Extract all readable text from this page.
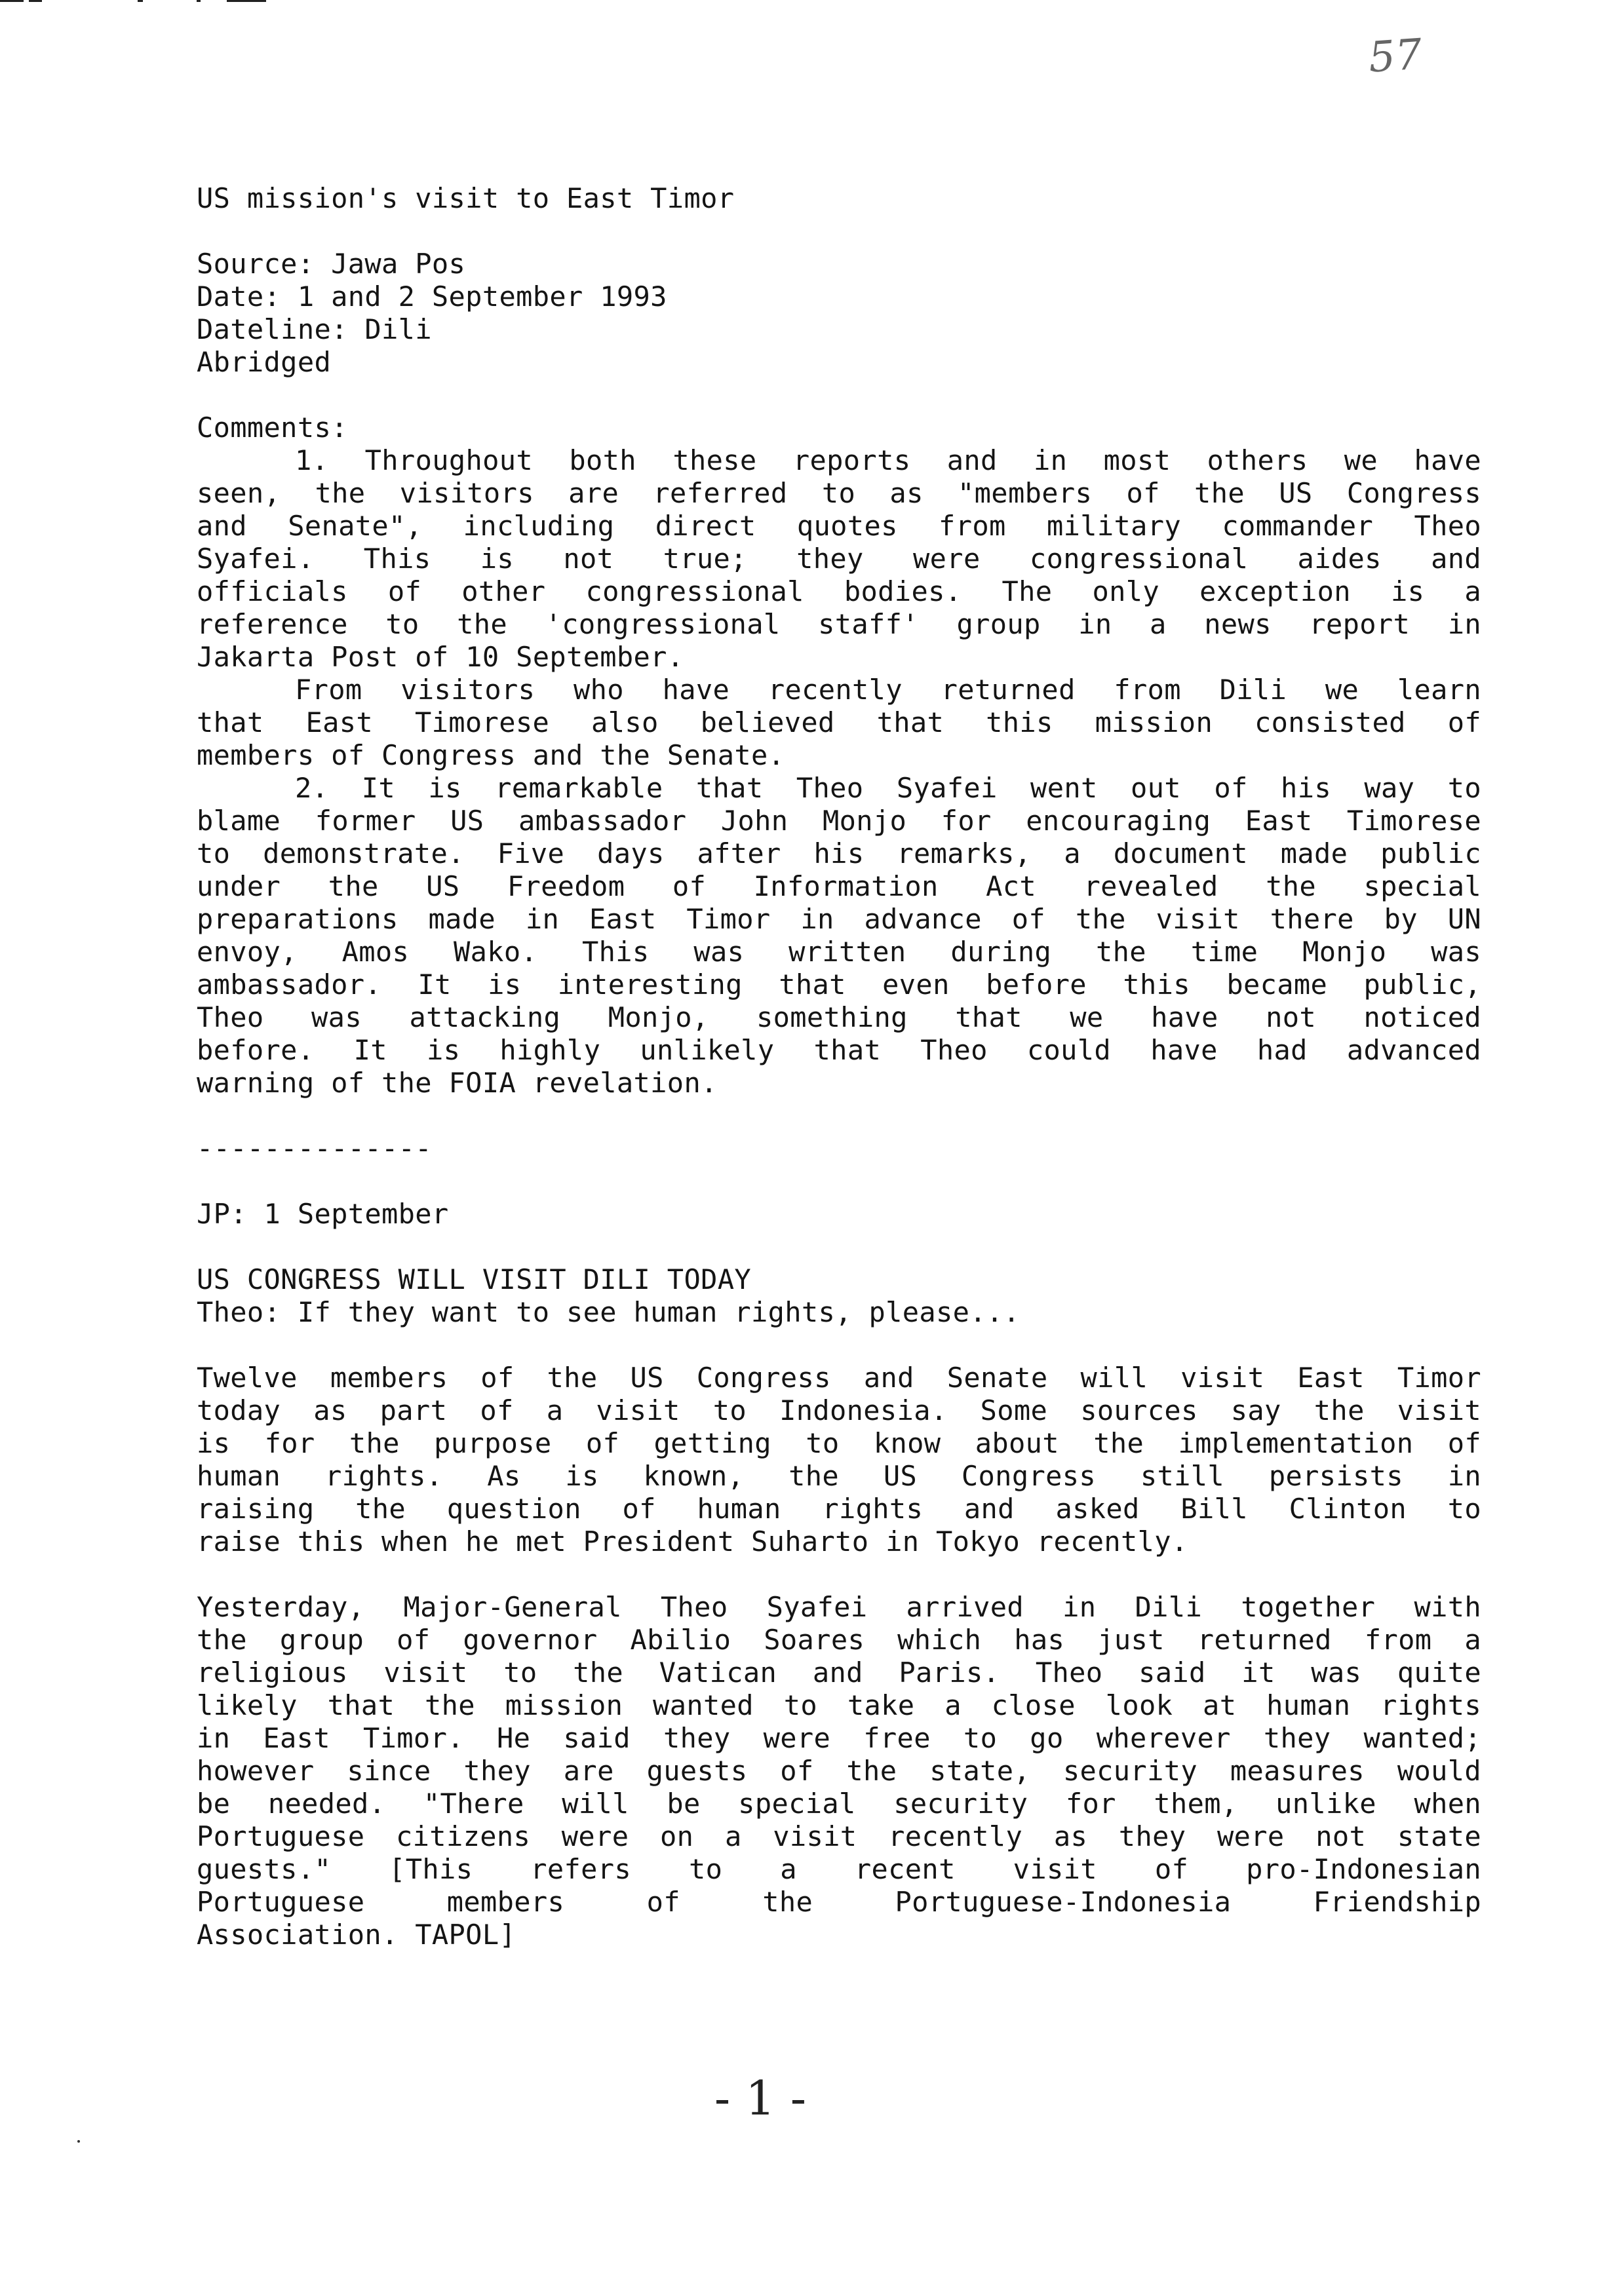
57

US mission's visit to East Timor

Source: Jawa Pos

Date: 1 and 2 September 1993

Dateline: Dili

Abridged

Comments:

1. Throughout both these reports and in most others we have

seen, the visitors are referred to as "members of the US Congress

and Senate", including direct quotes from military commander Theo

Syafei. This is not true; they were congressional aides and

officials of other congressional bodies. The only exception is a

reference to the 'congressional staff' group in a news report in

Jakarta Post of 10 September.

From visitors who have recently returned from Dili we learn

that East Timorese also believed that this mission consisted of

members of Congress and the Senate.

2. It is remarkable that Theo Syafei went out of his way to

blame former US ambassador John Monjo for encouraging East Timorese

to demonstrate. Five days after his remarks, a document made public

under the US Freedom of Information Act revealed the special

preparations made in East Timor in advance of the visit there by UN

envoy, Amos Wako. This was written during the time Monjo was

ambassador. It is interesting that even before this became public,

Theo was attacking Monjo, something that we have not noticed

before. It is highly unlikely that Theo could have had advanced

warning of the FOIA revelation.

--------------

JP: 1 September

US CONGRESS WILL VISIT DILI TODAY

Theo: If they want to see human rights, please...

Twelve members of the US Congress and Senate will visit East Timor

today as part of a visit to Indonesia. Some sources say the visit

is for the purpose of getting to know about the implementation of

human rights. As is known, the US Congress still persists in

raising the question of human rights and asked Bill Clinton to

raise this when he met President Suharto in Tokyo recently.

Yesterday, Major-General Theo Syafei arrived in Dili together with

the group of governor Abilio Soares which has just returned from a

religious visit to the Vatican and Paris. Theo said it was quite

likely that the mission wanted to take a close look at human rights

in East Timor. He said they were free to go wherever they wanted;

however since they are guests of the state, security measures would

be needed. "There will be special security for them, unlike when

Portuguese citizens were on a visit recently as they were not state

guests." [This refers to a recent visit of pro-Indonesian

Portuguese members of the Portuguese-Indonesia Friendship

Association. TAPOL]

- 1 -
